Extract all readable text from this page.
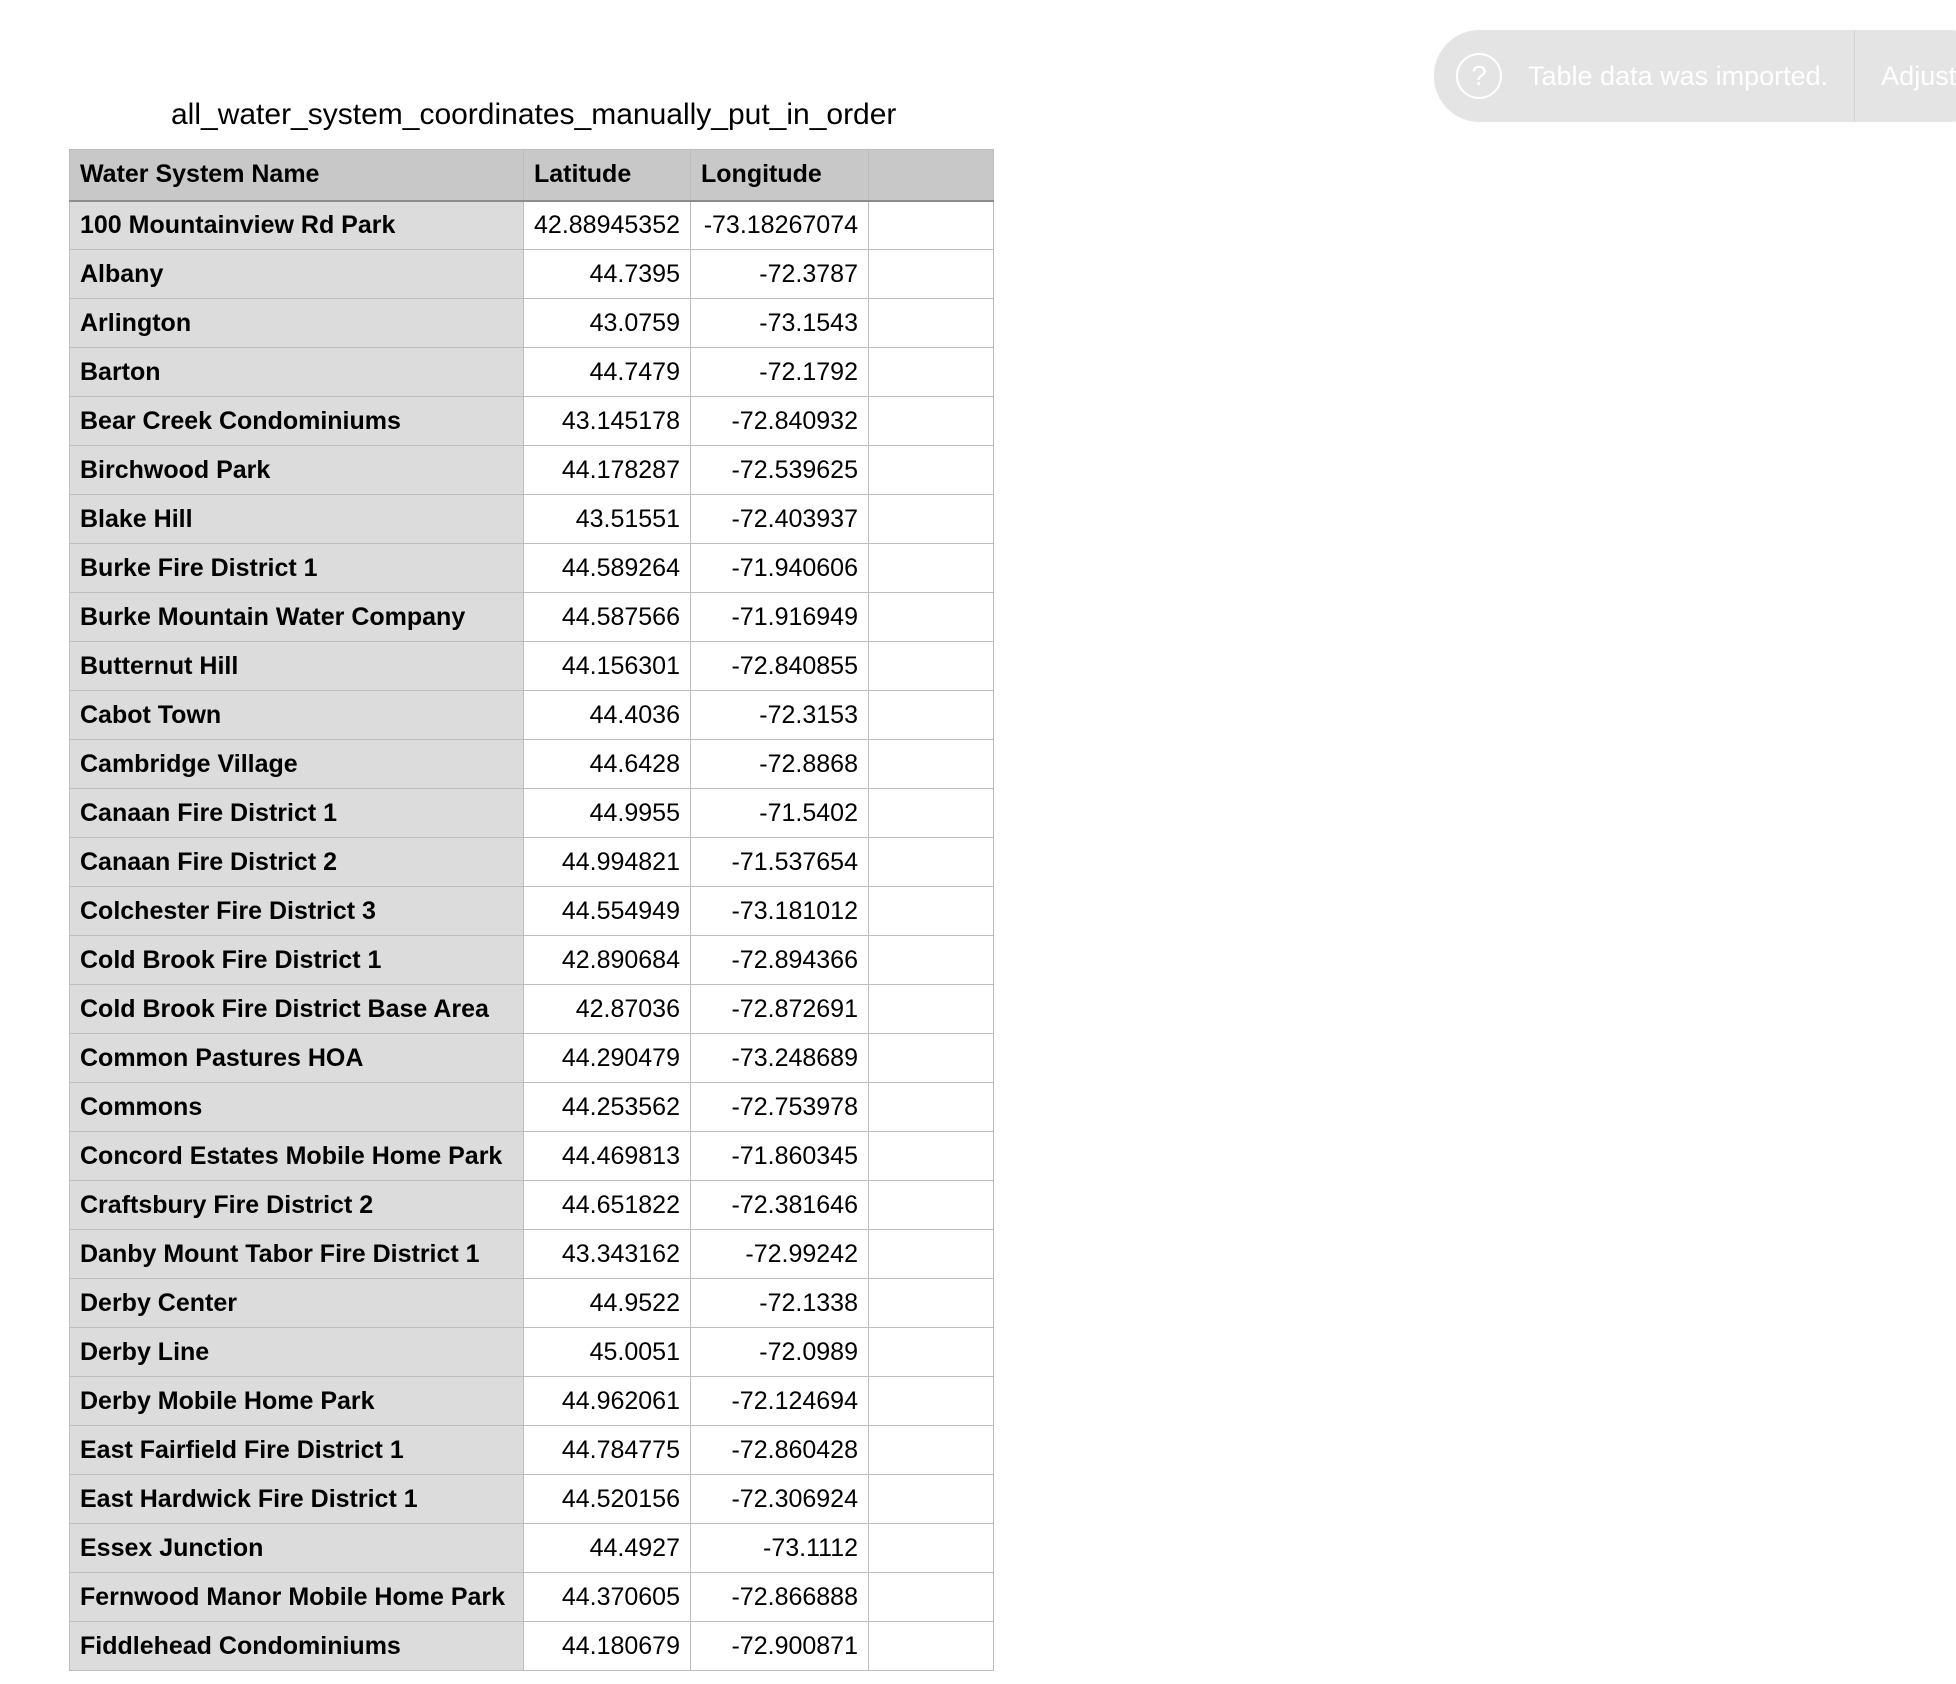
all_water_system_coordinates_manually_put_in_order
Water System Name	Latitude	Longitude	
100 Mountainview Rd Park	42.88945352	-73.18267074	
Albany	44.7395	-72.3787	
Arlington	43.0759	-73.1543	
Barton	44.7479	-72.1792	
Bear Creek Condominiums	43.145178	-72.840932	
Birchwood Park	44.178287	-72.539625	
Blake Hill	43.51551	-72.403937	
Burke Fire District 1	44.589264	-71.940606	
Burke Mountain Water Company	44.587566	-71.916949	
Butternut Hill	44.156301	-72.840855	
Cabot Town	44.4036	-72.3153	
Cambridge Village	44.6428	-72.8868	
Canaan Fire District 1	44.9955	-71.5402	
Canaan Fire District 2	44.994821	-71.537654	
Colchester Fire District 3	44.554949	-73.181012	
Cold Brook Fire District 1	42.890684	-72.894366	
Cold Brook Fire District Base Area	42.87036	-72.872691	
Common Pastures HOA	44.290479	-73.248689	
Commons	44.253562	-72.753978	
Concord Estates Mobile Home Park	44.469813	-71.860345	
Craftsbury Fire District 2	44.651822	-72.381646	
Danby Mount Tabor Fire District 1	43.343162	-72.99242	
Derby Center	44.9522	-72.1338	
Derby Line	45.0051	-72.0989	
Derby Mobile Home Park	44.962061	-72.124694	
East Fairfield Fire District 1	44.784775	-72.860428	
East Hardwick Fire District 1	44.520156	-72.306924	
Essex Junction	44.4927	-73.1112	
Fernwood Manor Mobile Home Park	44.370605	-72.866888	
Fiddlehead Condominiums	44.180679	-72.900871	
?	Table data was imported. Adjust
